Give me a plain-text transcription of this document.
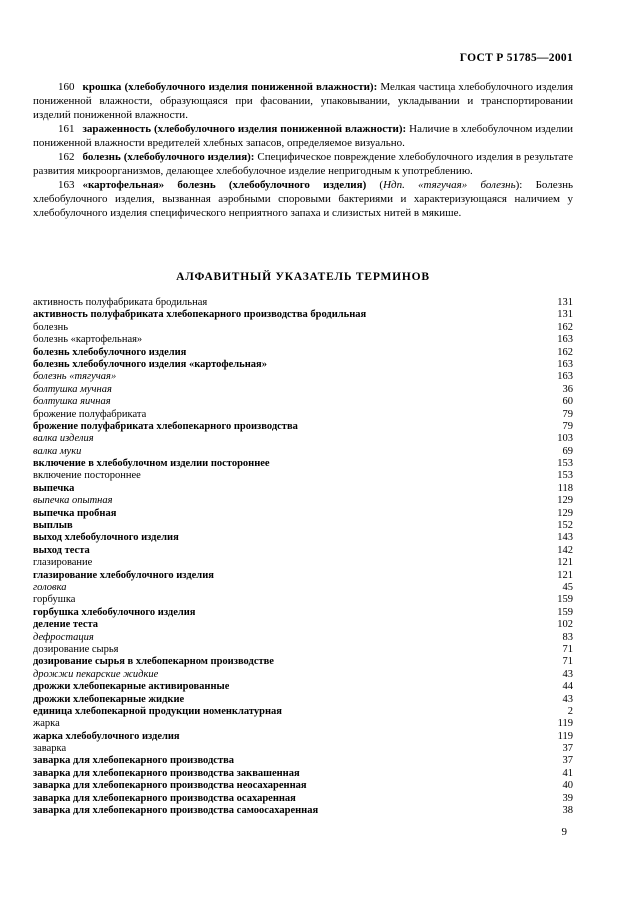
ГОСТ Р 51785—2001

160 крошка (хлебобулочного изделия пониженной влажности): Мелкая частица хлебобулочного изделия пониженной влажности, образующаяся при фасовании, упаковывании, укладывании и транспортировании изделий пониженной влажности.

161 зараженность (хлебобулочного изделия пониженной влажности): Наличие в хлебобулочном изделии пониженной влажности вредителей хлебных запасов, определяемое визуально.

162 болезнь (хлебобулочного изделия): Специфическое повреждение хлебобулочного изделия в результате развития микроорганизмов, делающее хлебобулочное изделие непригодным к употреблению.

163 «картофельная» болезнь (хлебобулочного изделия) (Ндп. «тягучая» болезнь): Болезнь хлебобулочного изделия, вызванная аэробными споровыми бактериями и характеризующаяся наличием у хлебобулочного изделия специфического неприятного запаха и слизистых нитей в мякише.

АЛФАВИТНЫЙ УКАЗАТЕЛЬ ТЕРМИНОВ
активность полуфабриката бродильная	131
активность полуфабриката хлебопекарного производства бродильная	131
болезнь	162
болезнь «картофельная»	163
болезнь хлебобулочного изделия	162
болезнь хлебобулочного изделия «картофельная»	163
болезнь «тягучая»	163
болтушка мучная	36
болтушка яичная	60
брожение полуфабриката	79
брожение полуфабриката хлебопекарного производства	79
валка изделия	103
валка муки	69
включение в хлебобулочном изделии постороннее	153
включение постороннее	153
выпечка	118
выпечка опытная	129
выпечка пробная	129
выплыв	152
выход хлебобулочного изделия	143
выход теста	142
глазирование	121
глазирование хлебобулочного изделия	121
головка	45
горбушка	159
горбушка хлебобулочного изделия	159
деление теста	102
дефростация	83
дозирование сырья	71
дозирование сырья в хлебопекарном производстве	71
дрожжи пекарские жидкие	43
дрожжи хлебопекарные активированные	44
дрожжи хлебопекарные жидкие	43
единица хлебопекарной продукции номенклатурная	2
жарка	119
жарка хлебобулочного изделия	119
заварка	37
заварка для хлебопекарного производства	37
заварка для хлебопекарного производства заквашенная	41
заварка для хлебопекарного производства неосахаренная	40
заварка для хлебопекарного производства осахаренная	39
заварка для хлебопекарного производства самоосахаренная	38
9
